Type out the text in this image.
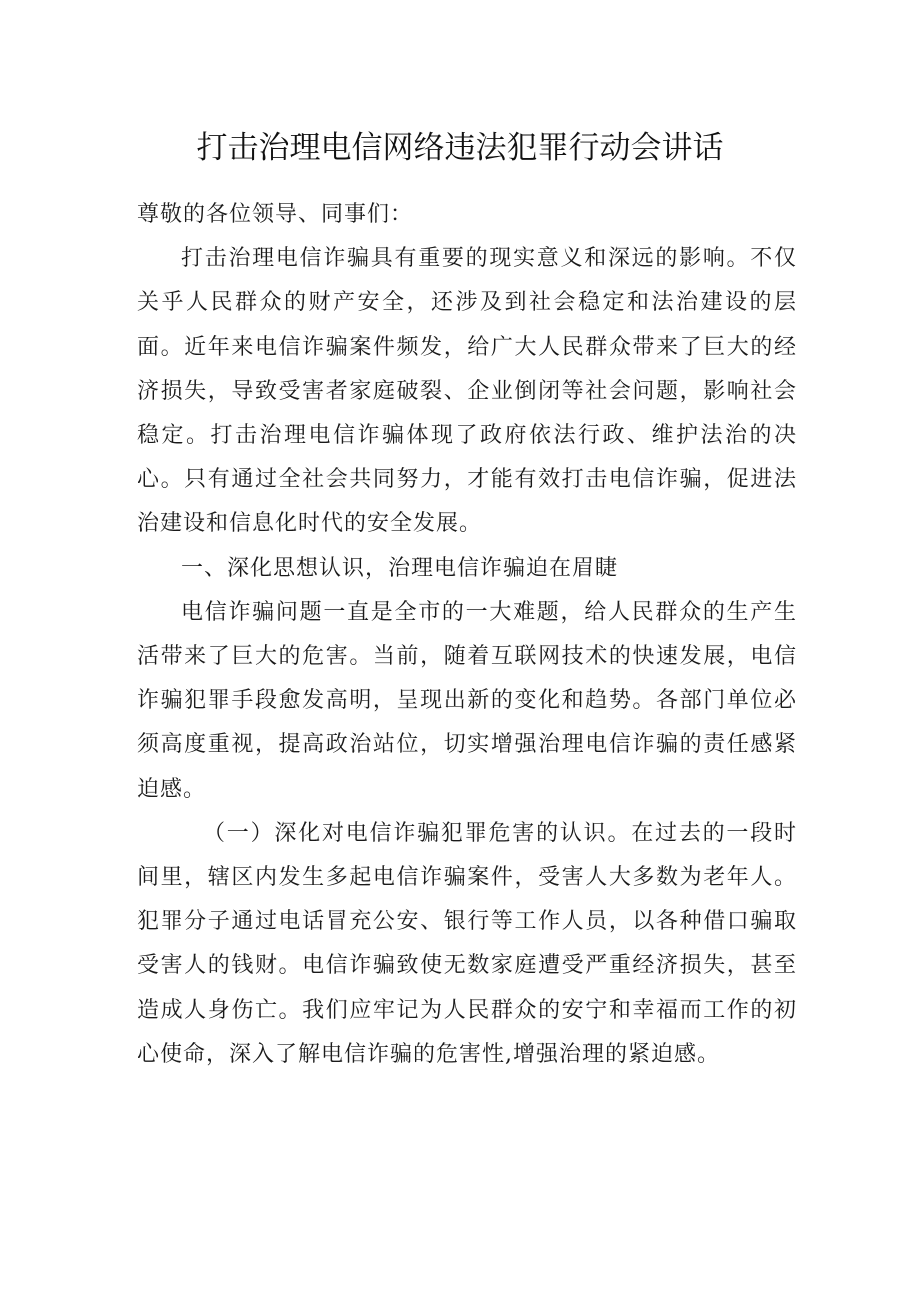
打击治理电信网络违法犯罪行动会讲话

尊敬的各位领导、同事们：

打击治理电信诈骗具有重要的现实意义和深远的影响。不仅关乎人民群众的财产安全，还涉及到社会稳定和法治建设的层面。近年来电信诈骗案件频发，给广大人民群众带来了巨大的经济损失，导致受害者家庭破裂、企业倒闭等社会问题，影响社会稳定。打击治理电信诈骗体现了政府依法行政、维护法治的决心。只有通过全社会共同努力，才能有效打击电信诈骗，促进法治建设和信息化时代的安全发展。

一、深化思想认识，治理电信诈骗迫在眉睫

电信诈骗问题一直是全市的一大难题，给人民群众的生产生活带来了巨大的危害。当前，随着互联网技术的快速发展，电信诈骗犯罪手段愈发高明，呈现出新的变化和趋势。各部门单位必须高度重视，提高政治站位，切实增强治理电信诈骗的责任感紧迫感。

（一）深化对电信诈骗犯罪危害的认识。在过去的一段时间里，辖区内发生多起电信诈骗案件，受害人大多数为老年人。犯罪分子通过电话冒充公安、银行等工作人员，以各种借口骗取受害人的钱财。电信诈骗致使无数家庭遭受严重经济损失，甚至造成人身伤亡。我们应牢记为人民群众的安宁和幸福而工作的初心使命，深入了解电信诈骗的危害性,增强治理的紧迫感。
